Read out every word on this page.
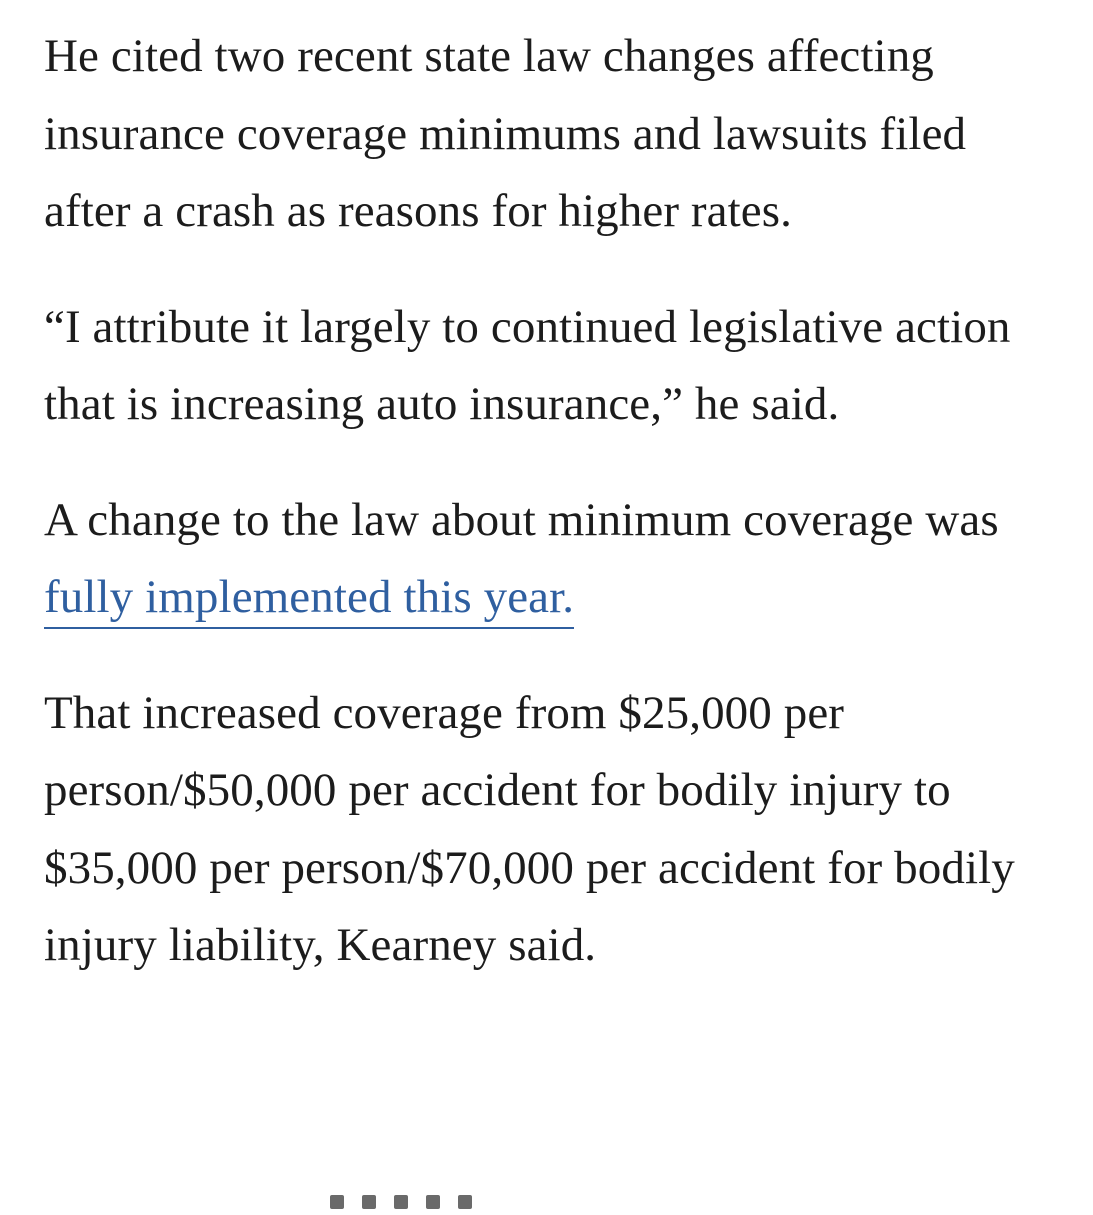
He cited two recent state law changes affecting insurance coverage minimums and lawsuits filed after a crash as reasons for higher rates.

“I attribute it largely to continued legislative action that is increasing auto insurance,” he said.

A change to the law about minimum coverage was fully implemented this year.

That increased coverage from $25,000 per person/$50,000 per accident for bodily injury to $35,000 per person/$70,000 per accident for bodily injury liability, Kearney said.
